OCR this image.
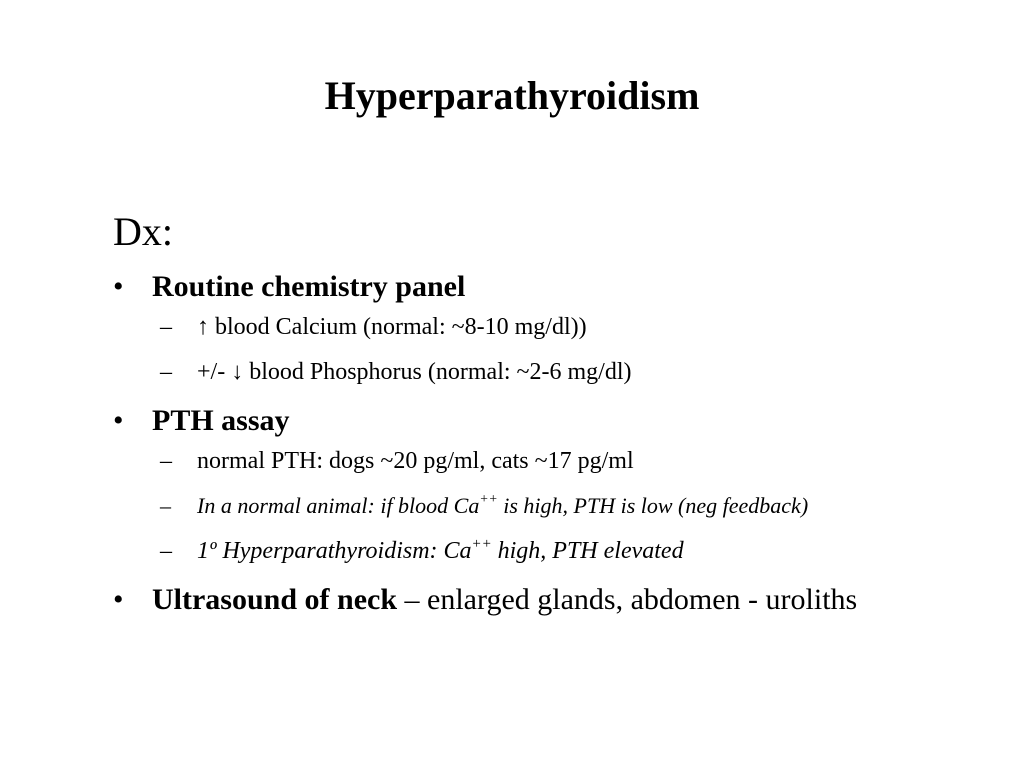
Hyperparathyroidism
Dx:
• Routine chemistry panel
– ↑ blood Calcium (normal: ~8-10 mg/dl))
– +/- ↓ blood Phosphorus (normal: ~2-6 mg/dl)
• PTH assay
– normal PTH: dogs ~20 pg/ml, cats ~17 pg/ml
– In a normal animal: if blood Ca++ is high, PTH is low (neg feedback)
– 1º Hyperparathyroidism: Ca++ high, PTH elevated
• Ultrasound of neck – enlarged glands, abdomen - uroliths
